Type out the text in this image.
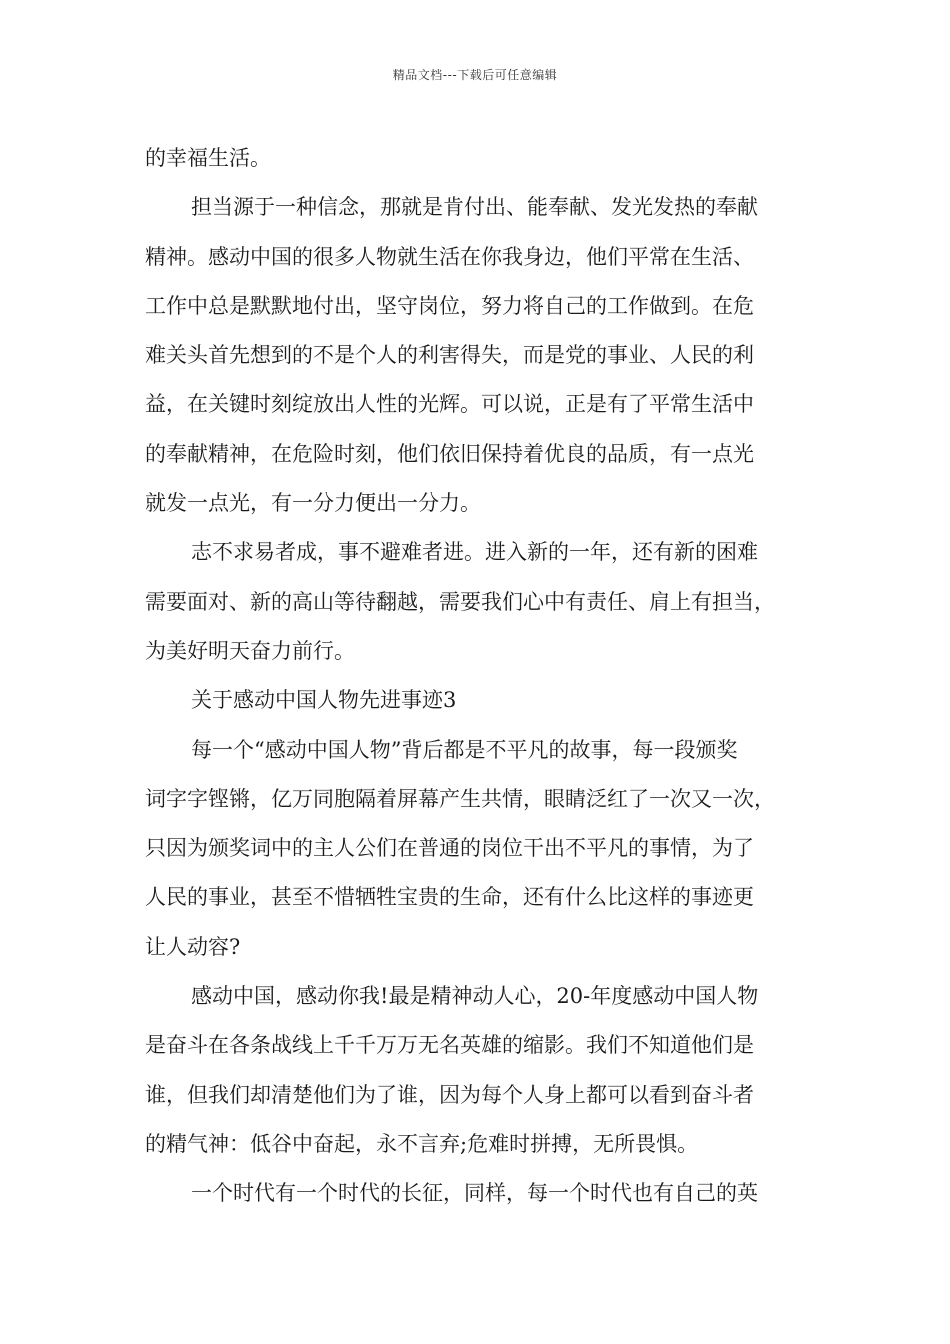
精品文档---下载后可任意编辑
的幸福生活。
担当源于一种信念，那就是肯付出、能奉献、发光发热的奉献
精神。感动中国的很多人物就生活在你我身边，他们平常在生活、
工作中总是默默地付出，坚守岗位，努力将自己的工作做到。在危
难关头首先想到的不是个人的利害得失，而是党的事业、人民的利
益，在关键时刻绽放出人性的光辉。可以说，正是有了平常生活中
的奉献精神，在危险时刻，他们依旧保持着优良的品质，有一点光
就发一点光，有一分力便出一分力。
志不求易者成，事不避难者进。进入新的一年，还有新的困难
需要面对、新的高山等待翻越，需要我们心中有责任、肩上有担当，
为美好明天奋力前行。
关于感动中国人物先进事迹3
每一个“感动中国人物”背后都是不平凡的故事，每一段颁奖
词字字铿锵，亿万同胞隔着屏幕产生共情，眼睛泛红了一次又一次，
只因为颁奖词中的主人公们在普通的岗位干出不平凡的事情，为了
人民的事业，甚至不惜牺牲宝贵的生命，还有什么比这样的事迹更
让人动容?
感动中国，感动你我!最是精神动人心，20-年度感动中国人物
是奋斗在各条战线上千千万万无名英雄的缩影。我们不知道他们是
谁，但我们却清楚他们为了谁，因为每个人身上都可以看到奋斗者
的精气神：低谷中奋起，永不言弃;危难时拼搏，无所畏惧。
一个时代有一个时代的长征，同样，每一个时代也有自己的英
